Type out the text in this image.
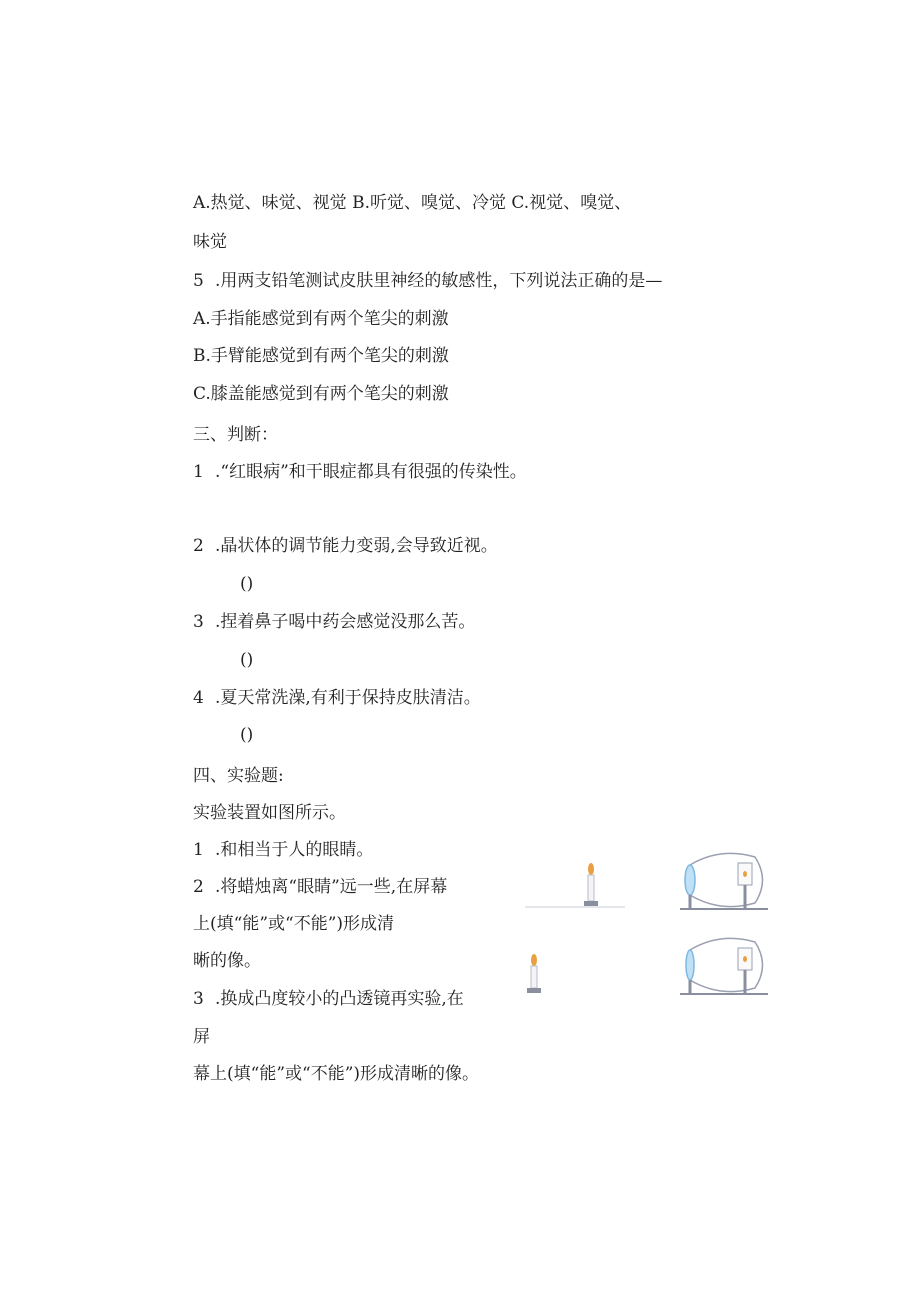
A.热觉、味觉、视觉 B.听觉、嗅觉、冷觉 C.视觉、嗅觉、
味觉
5 .用两支铅笔测试皮肤里神经的敏感性，下列说法正确的是—
A.手指能感觉到有两个笔尖的刺激
B.手臂能感觉到有两个笔尖的刺激
C.膝盖能感觉到有两个笔尖的刺激
三、判断：
1 .“红眼病”和干眼症都具有很强的传染性。
2 .晶状体的调节能力变弱,会导致近视。
()
3 .捏着鼻子喝中药会感觉没那么苦。
()
4 .夏天常洗澡,有利于保持皮肤清洁。
()
四、实验题:
实验装置如图所示。
1 .和相当于人的眼睛。
2 .将蜡烛离“眼睛”远一些,在屏幕
上(填“能”或“不能”)形成清
晰的像。
3 .换成凸度较小的凸透镜再实验,在
屏
幕上(填“能”或“不能”)形成清晰的像。
